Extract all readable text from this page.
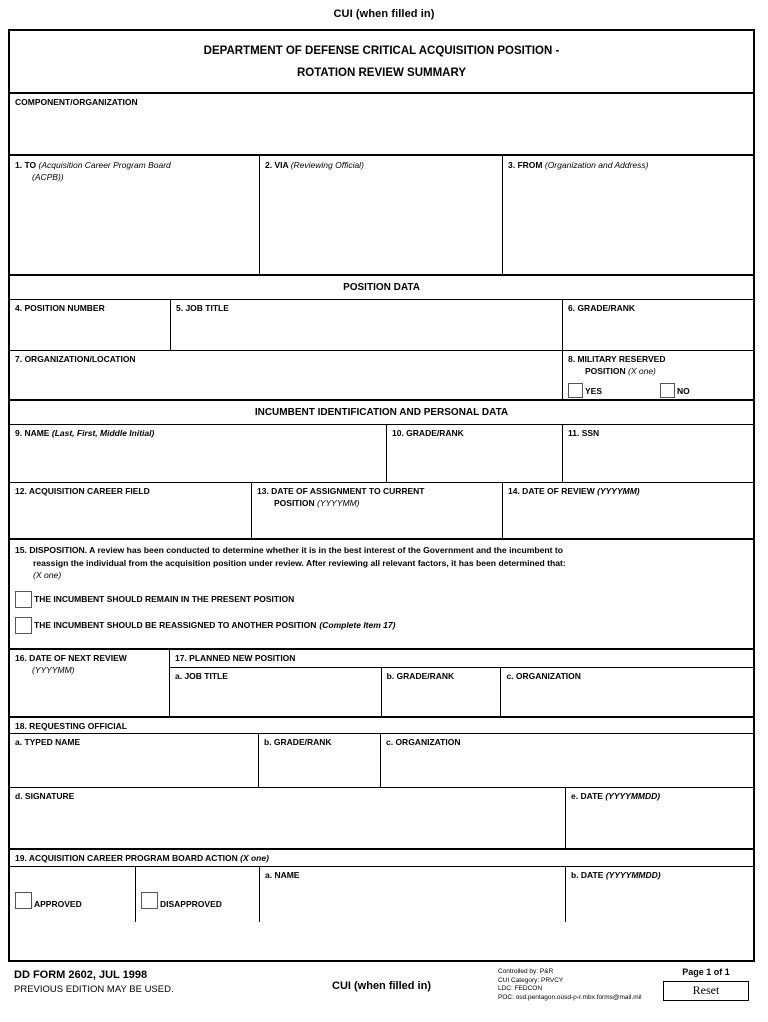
CUI (when filled in)
DEPARTMENT OF DEFENSE CRITICAL ACQUISITION POSITION -
ROTATION REVIEW SUMMARY
COMPONENT/ORGANIZATION
1. TO (Acquisition Career Program Board
(ACPB))
2. VIA (Reviewing Official)	3. FROM (Organization and Address)
POSITION DATA
4. POSITION NUMBER	5. JOB TITLE	6. GRADE/RANK
7. ORGANIZATION/LOCATION	8. MILITARY RESERVED
POSITION (X one)
YES	NO
INCUMBENT IDENTIFICATION AND PERSONAL DATA
9. NAME (Last, First, Middle Initial)	10. GRADE/RANK	11. SSN
12. ACQUISITION CAREER FIELD	13. DATE OF ASSIGNMENT TO CURRENT
POSITION (YYYYMM)
14. DATE OF REVIEW (YYYYMM)
15. DISPOSITION. A review has been conducted to determine whether it is in the best interest of the Government and the incumbent to
reassign the individual from the acquisition position under review. After reviewing all relevant factors, it has been determined that:
(X one)
THE INCUMBENT SHOULD REMAIN IN THE PRESENT POSITION
THE INCUMBENT SHOULD BE REASSIGNED TO ANOTHER POSITION (Complete Item 17)
16. DATE OF NEXT REVIEW
(YYYYMM)
17. PLANNED NEW POSITION
a. JOB TITLE	b. GRADE/RANK	c. ORGANIZATION
18. REQUESTING OFFICIAL
a. TYPED NAME	b. GRADE/RANK	c. ORGANIZATION
d. SIGNATURE	e. DATE (YYYYMMDD)
19. ACQUISITION CAREER PROGRAM BOARD ACTION (X one)
APPROVED	DISAPPROVED
a. NAME	b. DATE (YYYYMMDD)
DD FORM 2602, JUL 1998
PREVIOUS EDITION MAY BE USED.	CUI (when filled in)
Controlled by: P&R
CUI Category: PRVCY
LDC: FEDCON
POC: osd.pentagon.ousd-p-r.mbx.forms@mail.mil
Page 1 of 1
Reset
